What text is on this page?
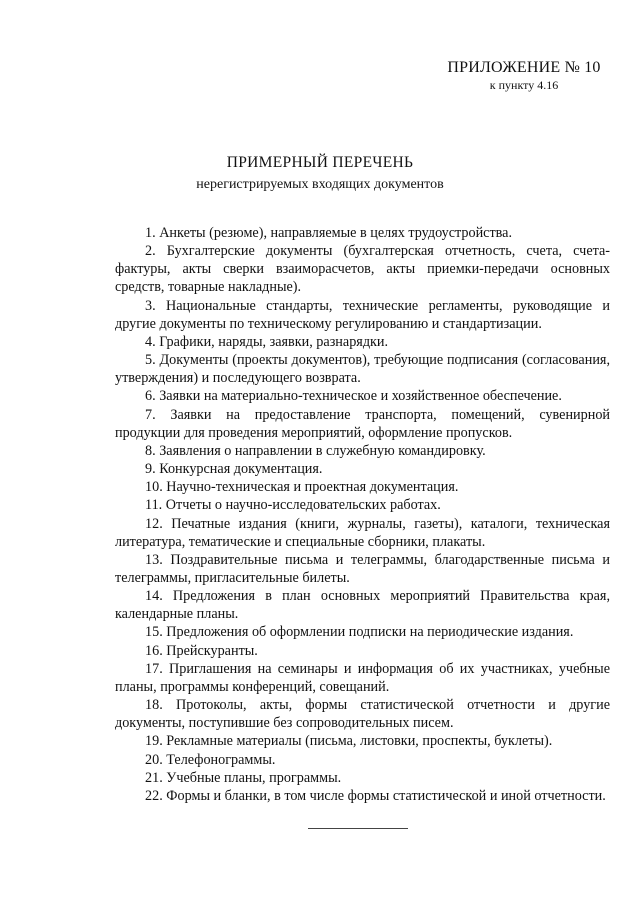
ПРИЛОЖЕНИЕ № 10
к пункту 4.16
ПРИМЕРНЫЙ ПЕРЕЧЕНЬ
нерегистрируемых входящих документов
1. Анкеты (резюме), направляемые в целях трудоустройства.
2. Бухгалтерские документы (бухгалтерская отчетность, счета, счета-фактуры, акты сверки взаиморасчетов, акты приемки-передачи основных средств, товарные накладные).
3. Национальные стандарты, технические регламенты, руководящие и другие документы по техническому регулированию и стандартизации.
4. Графики, наряды, заявки, разнарядки.
5. Документы (проекты документов), требующие подписания (согласования, утверждения) и последующего возврата.
6. Заявки на материально-техническое и хозяйственное обеспечение.
7. Заявки на предоставление транспорта, помещений, сувенирной продукции для проведения мероприятий, оформление пропусков.
8. Заявления о направлении в служебную командировку.
9. Конкурсная документация.
10. Научно-техническая и проектная документация.
11. Отчеты о научно-исследовательских работах.
12. Печатные издания (книги, журналы, газеты), каталоги, техническая литература, тематические и специальные сборники, плакаты.
13. Поздравительные письма и телеграммы, благодарственные письма и телеграммы, пригласительные билеты.
14. Предложения в план основных мероприятий Правительства края, календарные планы.
15. Предложения об оформлении подписки на периодические издания.
16. Прейскуранты.
17. Приглашения на семинары и информация об их участниках, учебные планы, программы конференций, совещаний.
18. Протоколы, акты, формы статистической отчетности и другие документы, поступившие без сопроводительных писем.
19. Рекламные материалы (письма, листовки, проспекты, буклеты).
20. Телефонограммы.
21. Учебные планы, программы.
22. Формы и бланки, в том числе формы статистической и иной отчетности.
